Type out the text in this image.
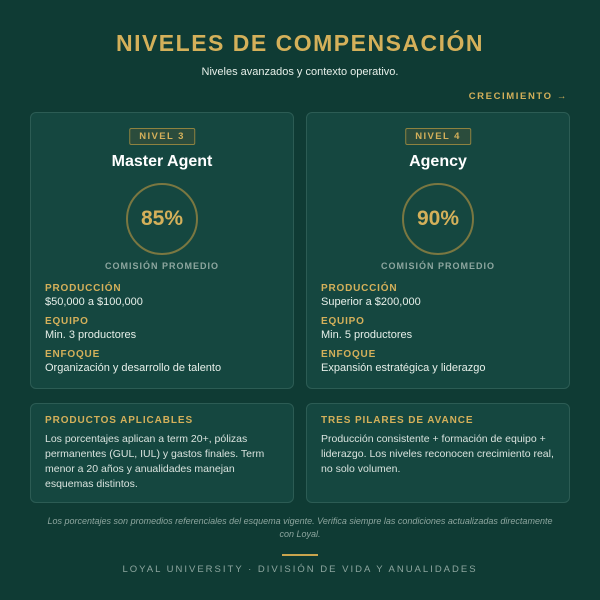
NIVELES DE COMPENSACIÓN
Niveles avanzados y contexto operativo.
CRECIMIENTO →
NIVEL 3
Master Agent
85%
COMISIÓN PROMEDIO
PRODUCCIÓN
$50,000 a $100,000
EQUIPO
Min. 3 productores
ENFOQUE
Organización y desarrollo de talento
NIVEL 4
Agency
90%
COMISIÓN PROMEDIO
PRODUCCIÓN
Superior a $200,000
EQUIPO
Min. 5 productores
ENFOQUE
Expansión estratégica y liderazgo
PRODUCTOS APLICABLES
Los porcentajes aplican a term 20+, pólizas permanentes (GUL, IUL) y gastos finales. Term menor a 20 años y anualidades manejan esquemas distintos.
TRES PILARES DE AVANCE
Producción consistente + formación de equipo + liderazgo. Los niveles reconocen crecimiento real, no solo volumen.
Los porcentajes son promedios referenciales del esquema vigente. Verifica siempre las condiciones actualizadas directamente con Loyal.
LOYAL UNIVERSITY · DIVISIÓN DE VIDA Y ANUALIDADES
